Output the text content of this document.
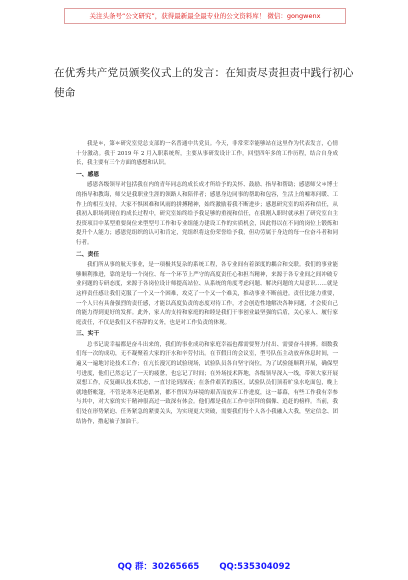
关注头条号“公文研究”，获得最新最全最专业的公文资料库！ 微信：gongwenx
在优秀共产党员颁奖仪式上的发言：在知责尽责担责中践行初心使命

我是＊，第＊研究室党总支部的一名普通中共党员。今天，非常荣幸能够站在这里作为代表发言，心情十分激动。我于 2019 年 2 月入职系统所，主要从事研发设计工作，回望四年多的工作历程，结合自身成长，我主要有三个方面的感想和认识。

一、感恩

感恩各级领导对包括我在内的青年同志的成长成才所给予的关怀、鼓励、指导和帮助；感恩师父＊博士的指导和教诲，师父是我职业生涯的领路人和陪伴者；感恩身边同事的帮助和包容，生活上的嘘寒问暖、工作上的相互支持，大家不惧困难和风雨的拼搏精神，始终激励着我不断进步；感恩研究室的培养和信任，从我初入职场到现在的成长过程中，研究室始终给予我足够的重视和信任，在我刚入职时就承担了研究室自主投资项目中某型重要岗位来型型号工作和专业组能力建设工作的实质机会，因此得以在不同的岗位上锻炼和提升个人能力；感恩党组织的认可和肯定，党组织将这份荣誉给予我，但功劳属于身边的每一位奋斗者和同行者。

二、责任

我们所从事的航天事业，是一项极其复杂的系统工程，各专业间有着深度的耦合和交联。我们的事业能够顺利推进，靠的是每一个岗位、每一个环节上严守的高度责任心和担当精神，来源于各专业间之间冲破专业问题的专研态度，来源于各岗位设计师提高站位、从系统的角度考虑问题、解决问题的大局意识……就是这样责任感让我们克服了一个又一个困难，攻克了一个又一个难关，推动事业不断前进。责任比能力重要，一个人只有具备强烈的责任感，才能以高度负责的态度对待工作，才会创造性地解决各种问题，才会使自己的能力得到更好的发挥。此外，家人的支持和家庭的和睦是我们干事创业最坚强的后盾，关心家人、履行家庭责任，不仅是我们又不容辞的义务，也是对工作负责的体现。

三、实干

总书记说幸福都是奋斗出来的，我们的事业成功和家庭幸福也都需要努力付出、需要奋斗拼搏。细数我们每一次的成功，无不凝聚着大家的汗水和辛劳付出。在节假日的会议室，型号队伍主动放弃休息时间，一遍又一遍地讨论技术工作；在亢长漫冗的试验现场，试验队员各自坚守岗位，为了试验能顺利开展，确保型号进度，他们已然忘记了一天的疲惫，也忘记了时间；在外场技术阵地，各级领导深入一线，带领大家开展双想工作，反复确认技术状态，一直讨论到深夜；在条件艰苦的落区，试验队员们顶着旷泉水吃面包，晚上就地搭帐篷，不管是寒冬还是酷暑，都不曾因为环境的艰苦而放弃工作进度，这一幕幕，有些工作我有幸参与其中，对大家的实干精神很高过一致深有体会。他们都是我在工作中崇拜的偶像、追赶的榜样。当前，我们处在形势紧迫、任务紧急的紧要关头，为实现更大突破，需要我们每个人各小我融入大我，坚定信念、团结协作，撸起袖子加油干。

QQ 群：30265665 QQ:535304092
